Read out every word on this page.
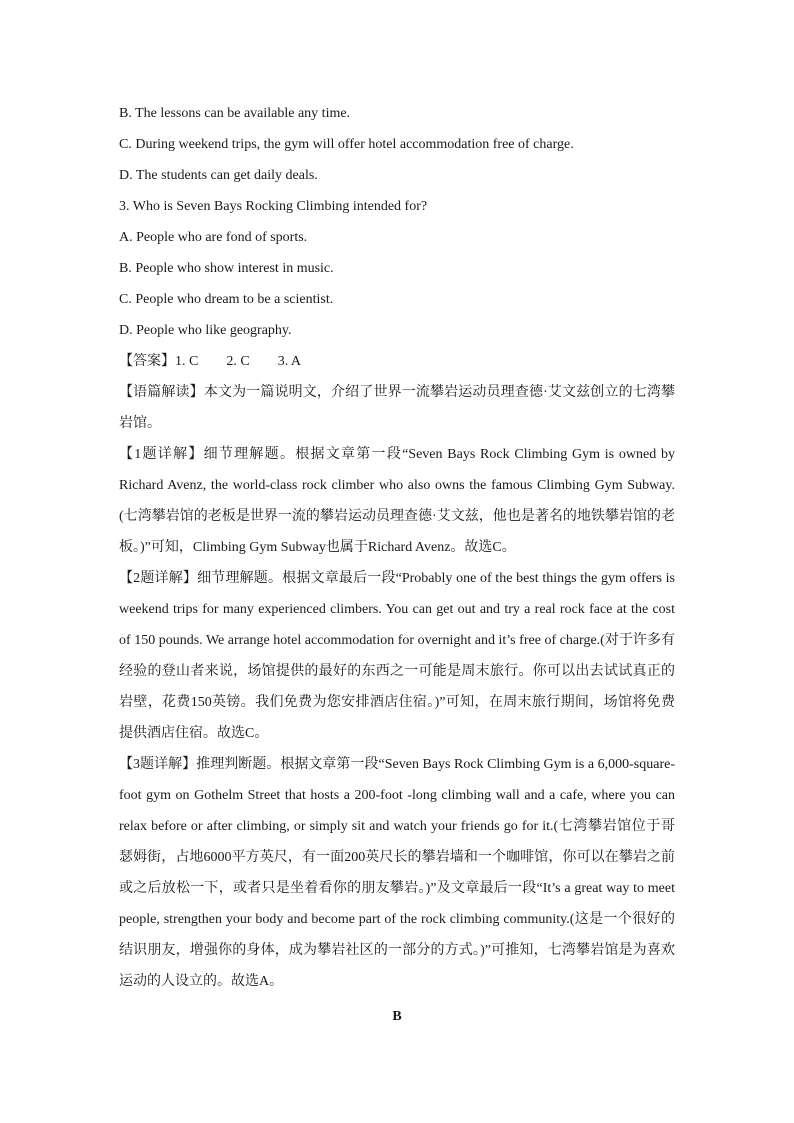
B. The lessons can be available any time.
C. During weekend trips, the gym will offer hotel accommodation free of charge.
D. The students can get daily deals.
3. Who is Seven Bays Rocking Climbing intended for?
A. People who are fond of sports.
B. People who show interest in music.
C. People who dream to be a scientist.
D. People who like geography.
【答案】1. C 2. C 3. A
【语篇解读】本文为一篇说明文，介绍了世界一流攀岩运动员理查德·艾文兹创立的七湾攀岩馆。
【1题详解】细节理解题。根据文章第一段“Seven Bays Rock Climbing Gym is owned by Richard Avenz, the world-class rock climber who also owns the famous Climbing Gym Subway.(七湾攀岩馆的老板是世界一流的攀岩运动员理查德·艾文兹，他也是著名的地铁攀岩馆的老板。)”可知，Climbing Gym Subway也属于Richard Avenz。故选C。
【2题详解】细节理解题。根据文章最后一段“Probably one of the best things the gym offers is weekend trips for many experienced climbers. You can get out and try a real rock face at the cost of 150 pounds. We arrange hotel accommodation for overnight and it’s free of charge.(对于许多有经验的登山者来说，场馆提供的最好的东西之一可能是周末旅行。你可以出去试试真正的岩壁，花费150英镑。我们免费为您安排酒店住宿。)”可知，在周末旅行期间，场馆将免费提供酒店住宿。故选C。
【3题详解】推理判断题。根据文章第一段“Seven Bays Rock Climbing Gym is a 6,000-square-foot gym on Gothelm Street that hosts a 200-foot -long climbing wall and a cafe, where you can relax before or after climbing, or simply sit and watch your friends go for it.(七湾攀岩馆位于哥瑟姆街，占地6000平方英尺，有一面200英尺长的攀岩墙和一个咖啡馆，你可以在攀岩之前或之后放松一下，或者只是坐着看你的朋友攀岩。)”及文章最后一段“It’s a great way to meet people, strengthen your body and become part of the rock climbing community.(这是一个很好的结识朋友，增强你的身体，成为攀岩社区的一部分的方式。)”可推知，七湾攀岩馆是为喜欢运动的人设立的。故选A。
B
